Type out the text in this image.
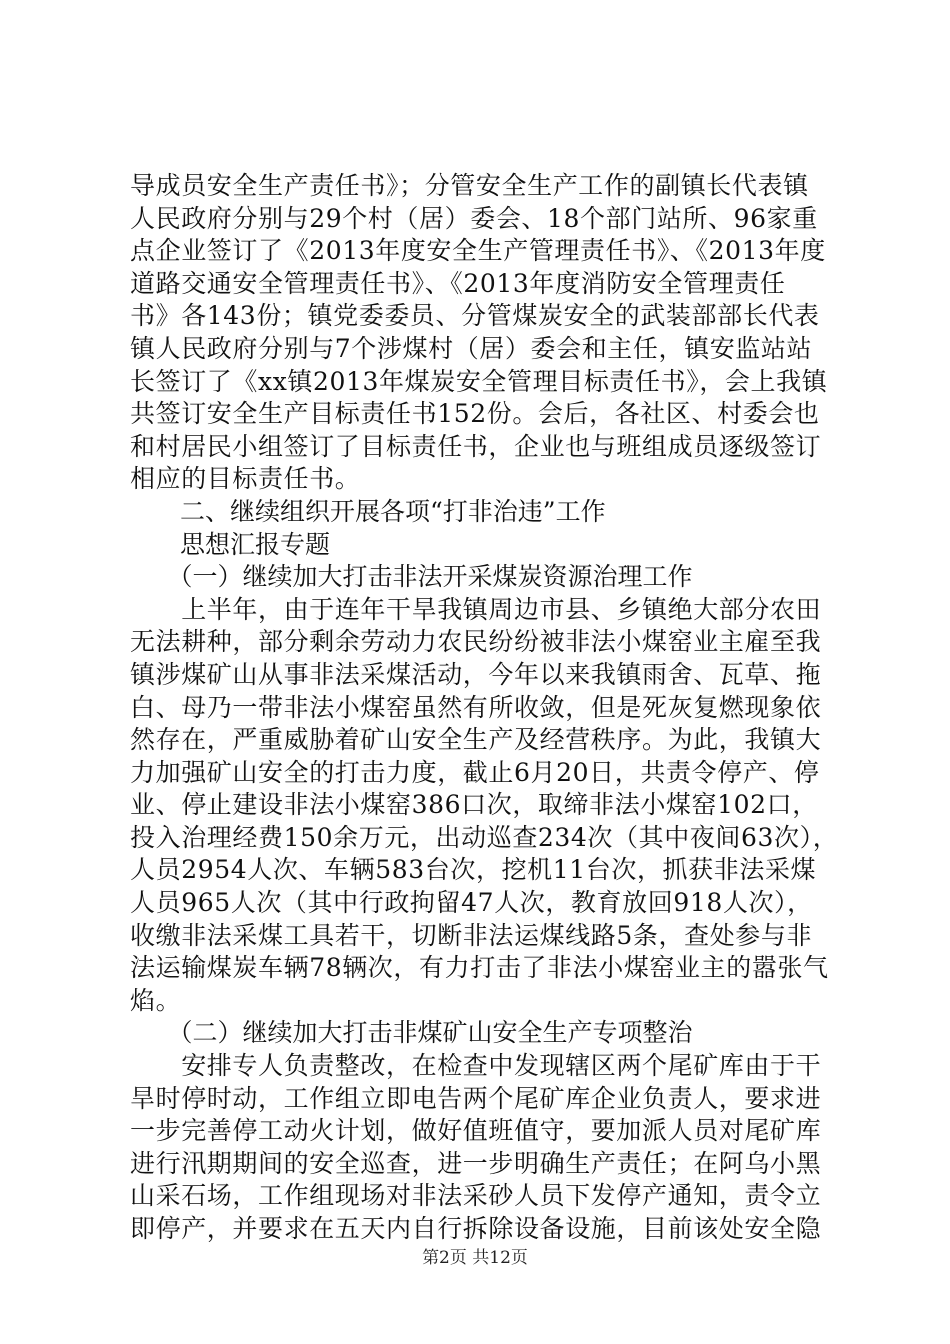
导成员安全生产责任书》；分管安全生产工作的副镇长代表镇
人民政府分别与29个村（居）委会、18个部门站所、96家重
点企业签订了《2013年度安全生产管理责任书》、《2013年度
道路交通安全管理责任书》、《2013年度消防安全管理责任
书》各143份；镇党委委员、分管煤炭安全的武装部部长代表
镇人民政府分别与7个涉煤村（居）委会和主任，镇安监站站
长签订了《xx镇2013年煤炭安全管理目标责任书》，会上我镇
共签订安全生产目标责任书152份。会后，各社区、村委会也
和村居民小组签订了目标责任书，企业也与班组成员逐级签订
相应的目标责任书。
　　二、继续组织开展各项“打非治违”工作
　　思想汇报专题
　　（一）继续加大打击非法开采煤炭资源治理工作
　　上半年，由于连年干旱我镇周边市县、乡镇绝大部分农田
无法耕种，部分剩余劳动力农民纷纷被非法小煤窑业主雇至我
镇涉煤矿山从事非法采煤活动，今年以来我镇雨舍、瓦草、拖
白、母乃一带非法小煤窑虽然有所收敛，但是死灰复燃现象依
然存在，严重威胁着矿山安全生产及经营秩序。为此，我镇大
力加强矿山安全的打击力度，截止6月20日，共责令停产、停
业、停止建设非法小煤窑386口次，取缔非法小煤窑102口，
投入治理经费150余万元，出动巡查234次（其中夜间63次），
人员2954人次、车辆583台次，挖机11台次，抓获非法采煤
人员965人次（其中行政拘留47人次，教育放回918人次），
收缴非法采煤工具若干，切断非法运煤线路5条，查处参与非
法运输煤炭车辆78辆次，有力打击了非法小煤窑业主的嚣张气
焰。
　　（二）继续加大打击非煤矿山安全生产专项整治
　　安排专人负责整改，在检查中发现辖区两个尾矿库由于干
旱时停时动，工作组立即电告两个尾矿库企业负责人，要求进
一步完善停工动火计划，做好值班值守，要加派人员对尾矿库
进行汛期期间的安全巡查，进一步明确生产责任；在阿乌小黑
山采石场，工作组现场对非法采砂人员下发停产通知，责令立
即停产，并要求在五天内自行拆除设备设施，目前该处安全隐
第2页 共12页
